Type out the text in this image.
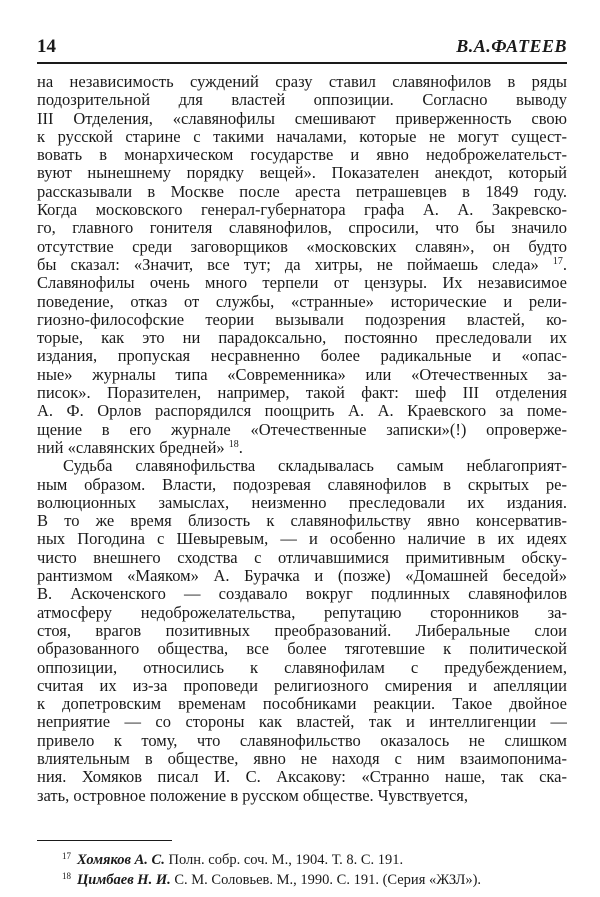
14	В.А.ФАТЕЕВ
на независимость суждений сразу ставил славянофилов в ряды
подозрительной для властей оппозиции. Согласно выводу
III Отделения, «славянофилы смешивают приверженность свою
к русской старине с такими началами, которые не могут сущест-
вовать в монархическом государстве и явно недоброжелательст-
вуют нынешнему порядку вещей». Показателен анекдот, который
рассказывали в Москве после ареста петрашевцев в 1849 году.
Когда московского генерал-губернатора графа А. А. Закревско-
го, главного гонителя славянофилов, спросили, что бы значило
отсутствие среди заговорщиков «московских славян», он будто
бы сказал: «Значит, все тут; да хитры, не поймаешь следа» $^{17}$.
Славянофилы очень много терпели от цензуры. Их независимое
поведение, отказ от службы, «странные» исторические и рели-
гиозно-философские теории вызывали подозрения властей, ко-
торые, как это ни парадоксально, постоянно преследовали их
издания, пропуская несравненно более радикальные и «опас-
ные» журналы типа «Современника» или «Отечественных за-
писок». Поразителен, например, такой факт: шеф III отделения
А. Ф. Орлов распорядился поощрить А. А. Краевского за поме-
щение в его журнале «Отечественные записки»(!) опроверже-
ний «славянских бредней» $^{18}$.
Судьба славянофильства складывалась самым неблагоприят-
ным образом. Власти, подозревая славянофилов в скрытых ре-
волюционных замыслах, неизменно преследовали их издания.
В то же время близость к славянофильству явно консерватив-
ных Погодина с Шевыревым, — и особенно наличие в их идеях
чисто внешнего сходства с отличавшимися примитивным обску-
рантизмом «Маяком» А. Бурачка и (позже) «Домашней беседой»
В. Аскоченского — создавало вокруг подлинных славянофилов
атмосферу недоброжелательства, репутацию сторонников за-
стоя, врагов позитивных преобразований. Либеральные слои
образованного общества, все более тяготевшие к политической
оппозиции, относились к славянофилам с предубеждением,
считая их из-за проповеди религиозного смирения и апелляции
к допетровским временам пособниками реакции. Такое двойное
неприятие — со стороны как властей, так и интеллигенции —
привело к тому, что славянофильство оказалось не слишком
влиятельным в обществе, явно не находя с ним взаимопонима-
ния. Хомяков писал И. С. Аксакову: «Странно наше, так ска-
зать, островное положение в русском обществе. Чувствуется,
$^{17}$ Хомяков А. С. Полн. собр. соч. М., 1904. Т. 8. С. 191.
$^{18}$ Цимбаев Н. И. С. М. Соловьев. М., 1990. С. 191. (Серия «ЖЗЛ»).
